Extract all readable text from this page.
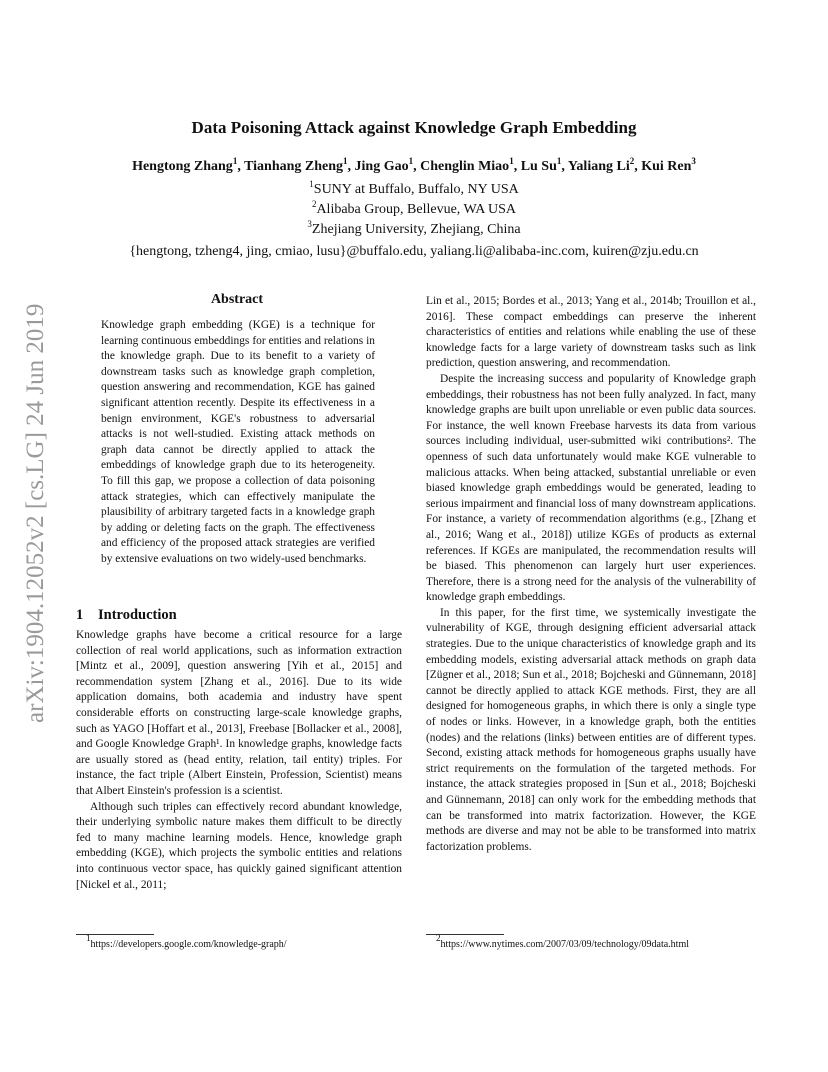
arXiv:1904.12052v2 [cs.LG] 24 Jun 2019
Data Poisoning Attack against Knowledge Graph Embedding
Hengtong Zhang$^1$, Tianhang Zheng$^1$, Jing Gao$^1$, Chenglin Miao$^1$, Lu Su$^1$, Yaliang Li$^2$, Kui Ren$^3$
$^1$SUNY at Buffalo, Buffalo, NY USA
$^2$Alibaba Group, Bellevue, WA USA
$^3$Zhejiang University, Zhejiang, China
{hengtong, tzheng4, jing, cmiao, lusu}@buffalo.edu, yaliang.li@alibaba-inc.com, kuiren@zju.edu.cn
Abstract

Knowledge graph embedding (KGE) is a technique for learning continuous embeddings for entities and relations in the knowledge graph. Due to its benefit to a variety of downstream tasks such as knowledge graph completion, question answering and recommendation, KGE has gained significant attention recently. Despite its effectiveness in a benign environment, KGE's robustness to adversarial attacks is not well-studied. Existing attack methods on graph data cannot be directly applied to attack the embeddings of knowledge graph due to its heterogeneity. To fill this gap, we propose a collection of data poisoning attack strategies, which can effectively manipulate the plausibility of arbitrary targeted facts in a knowledge graph by adding or deleting facts on the graph. The effectiveness and efficiency of the proposed attack strategies are verified by extensive evaluations on two widely-used benchmarks.

1 Introduction

Knowledge graphs have become a critical resource for a large collection of real world applications, such as information extraction [Mintz et al., 2009], question answering [Yih et al., 2015] and recommendation system [Zhang et al., 2016]. Due to its wide application domains, both academia and industry have spent considerable efforts on constructing large-scale knowledge graphs, such as YAGO [Hoffart et al., 2013], Freebase [Bollacker et al., 2008], and Google Knowledge Graph¹. In knowledge graphs, knowledge facts are usually stored as (head entity, relation, tail entity) triples. For instance, the fact triple (Albert Einstein, Profession, Scientist) means that Albert Einstein's profession is a scientist.

Although such triples can effectively record abundant knowledge, their underlying symbolic nature makes them difficult to be directly fed to many machine learning models. Hence, knowledge graph embedding (KGE), which projects the symbolic entities and relations into continuous vector space, has quickly gained significant attention [Nickel et al., 2011;

Lin et al., 2015; Bordes et al., 2013; Yang et al., 2014b; Trouillon et al., 2016]. These compact embeddings can preserve the inherent characteristics of entities and relations while enabling the use of these knowledge facts for a large variety of downstream tasks such as link prediction, question answering, and recommendation.

Despite the increasing success and popularity of Knowledge graph embeddings, their robustness has not been fully analyzed. In fact, many knowledge graphs are built upon unreliable or even public data sources. For instance, the well known Freebase harvests its data from various sources including individual, user-submitted wiki contributions². The openness of such data unfortunately would make KGE vulnerable to malicious attacks. When being attacked, substantial unreliable or even biased knowledge graph embeddings would be generated, leading to serious impairment and financial loss of many downstream applications. For instance, a variety of recommendation algorithms (e.g., [Zhang et al., 2016; Wang et al., 2018]) utilize KGEs of products as external references. If KGEs are manipulated, the recommendation results will be biased. This phenomenon can largely hurt user experiences. Therefore, there is a strong need for the analysis of the vulnerability of knowledge graph embeddings.

In this paper, for the first time, we systemically investigate the vulnerability of KGE, through designing efficient adversarial attack strategies. Due to the unique characteristics of knowledge graph and its embedding models, existing adversarial attack methods on graph data [Zügner et al., 2018; Sun et al., 2018; Bojcheski and Günnemann, 2018] cannot be directly applied to attack KGE methods. First, they are all designed for homogeneous graphs, in which there is only a single type of nodes or links. However, in a knowledge graph, both the entities (nodes) and the relations (links) between entities are of different types. Second, existing attack methods for homogeneous graphs usually have strict requirements on the formulation of the targeted methods. For instance, the attack strategies proposed in [Sun et al., 2018; Bojcheski and Günnemann, 2018] can only work for the embedding methods that can be transformed into matrix factorization. However, the KGE methods are diverse and may not be able to be transformed into matrix factorization problems.

$^1$https://developers.google.com/knowledge-graph/
$^2$https://www.nytimes.com/2007/03/09/technology/09data.html
